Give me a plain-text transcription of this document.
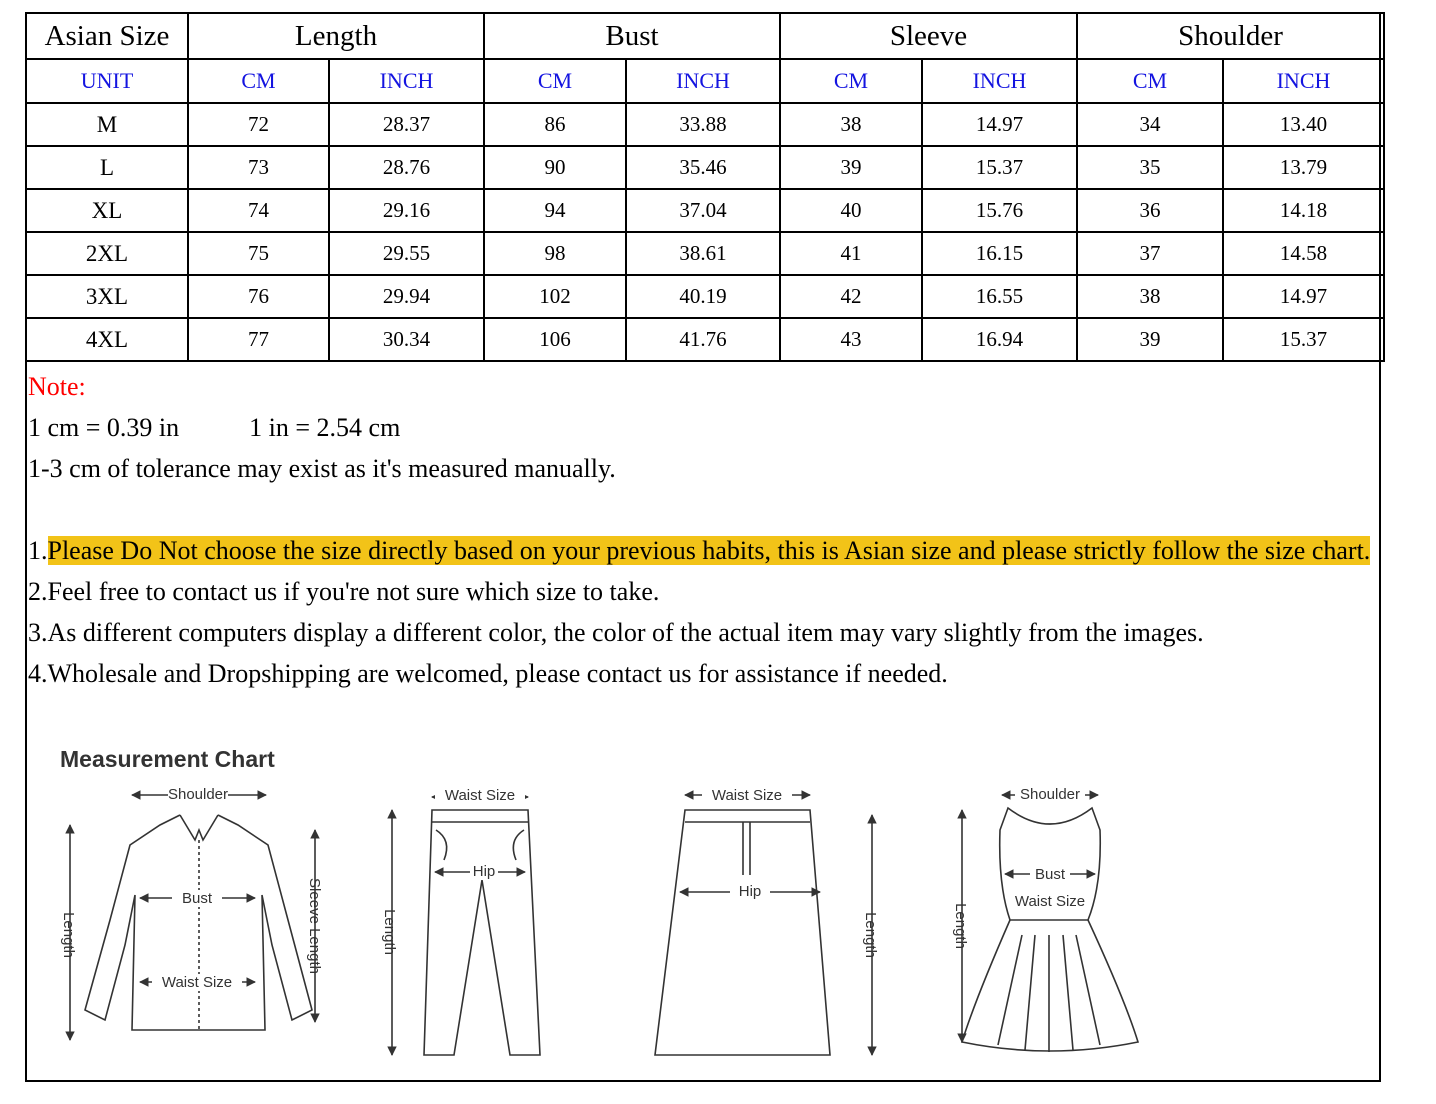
Asian Size	Length		Bust		Sleeve		Shoulder	
UNIT	CM	INCH	CM	INCH	CM	INCH	CM	INCH
M	72	28.37	86	33.88	38	14.97	34	13.40
L	73	28.76	90	35.46	39	15.37	35	13.79
XL	74	29.16	94	37.04	40	15.76	36	14.18
2XL	75	29.55	98	38.61	41	16.15	37	14.58
3XL	76	29.94	102	40.19	42	16.55	38	14.97
4XL	77	30.34	106	41.76	43	16.94	39	15.37
Note:
1 cm = 0.39 in	1 in = 2.54 cm
1-3 cm of tolerance may exist as it's measured manually.
1.Please Do Not choose the size directly based on your previous habits, this is Asian size and please strictly follow the size chart.
2.Feel free to contact us if you're not sure which size to take.
3.As different computers display a different color, the color of the actual item may vary slightly from the images.
4.Wholesale and Dropshipping are welcomed, please contact us for assistance if needed.
Measurement Chart
Shoulder
Bust
Waist Size
Length	Sleeve Length
Waist Size
Hip
Length
Waist Size
Hip
Length
Shoulder
Bust
Waist Size
Length
